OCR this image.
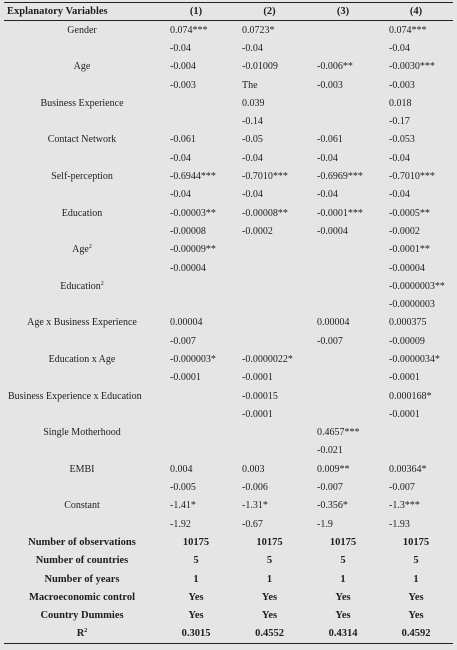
Explanatory Variables	(1)	(2)	(3)	(4)
Gender	0.074***	0.0723*		0.074***
	-0.04	-0.04		-0.04
Age	-0.004	-0.01009	-0.006**	-0.0030***
	-0.003	The	-0.003	-0.003
Business Experience		0.039		0.018
		-0.14		-0.17
Contact Network	-0.061	-0.05	-0.061	-0.053
	-0.04	-0.04	-0.04	-0.04
Self-perception	-0.6944***	-0.7010***	-0.6969***	-0.7010***
	-0.04	-0.04	-0.04	-0.04
Education	-0.00003**	-0.00008**	-0.0001***	-0.0005**
	-0.00008	-0.0002	-0.0004	-0.0002
Age$^2$	-0.00009**			-0.0001**
	-0.00004			-0.00004
Education$^2$				-0.0000003**
				-0.0000003
Age x Business Experience	0.00004		0.00004	0.000375
	-0.007		-0.007	-0.00009
Education x Age	-0.000003*	-0.0000022*		-0.0000034*
	-0.0001	-0.0001		-0.0001
Business Experience x Education		-0.00015		0.000168*
		-0.0001		-0.0001
Single Motherhood			0.4657***	
			-0.021	
EMBI	0.004	0.003	0.009**	0.00364*
	-0.005	-0.006	-0.007	-0.007
Constant	-1.41*	-1.31*	-0.356*	-1.3***
	-1.92	-0.67	-1.9	-1.93
Number of observations	10175	10175	10175	10175
Number of countries	5	5	5	5
Number of years	1	1	1	1
Macroeconomic control	Yes	Yes	Yes	Yes
Country Dummies	Yes	Yes	Yes	Yes
$R^2$	0.3015	0.4552	0.4314	0.4592
